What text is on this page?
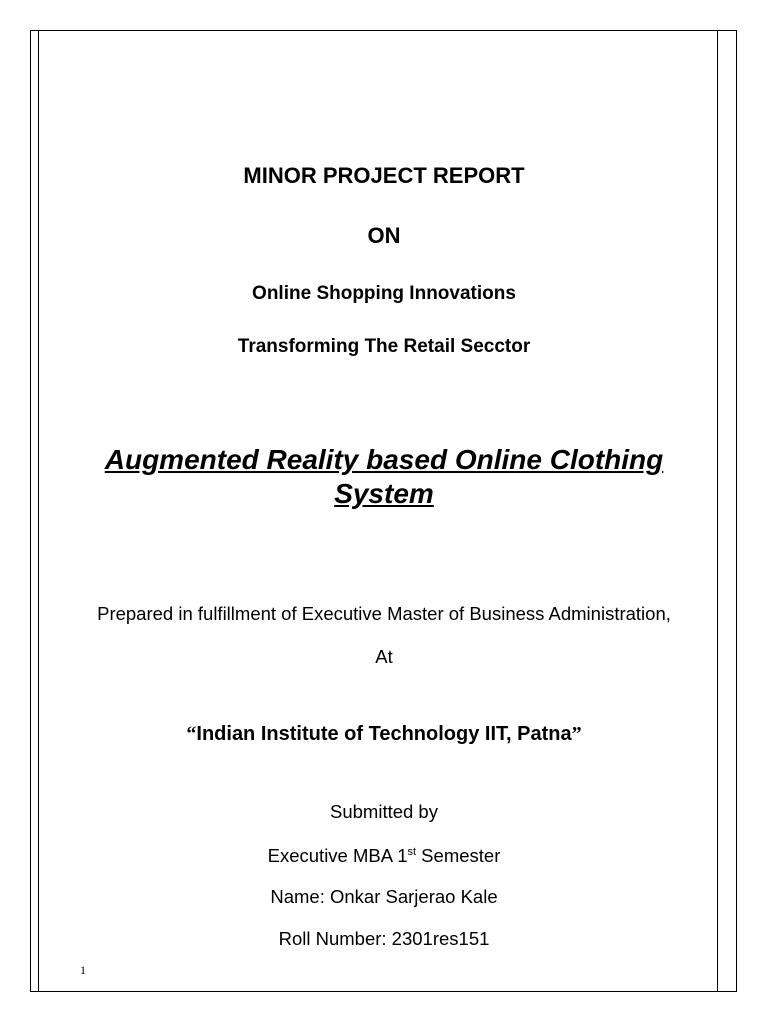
MINOR PROJECT REPORT
ON
Online Shopping Innovations
Transforming The Retail Secctor
Augmented Reality based Online Clothing System
Prepared in fulfillment of Executive Master of Business Administration,
At
“Indian Institute of Technology IIT, Patna”
Submitted by
Executive MBA 1st Semester
Name: Onkar Sarjerao Kale
Roll Number: 2301res151
1
